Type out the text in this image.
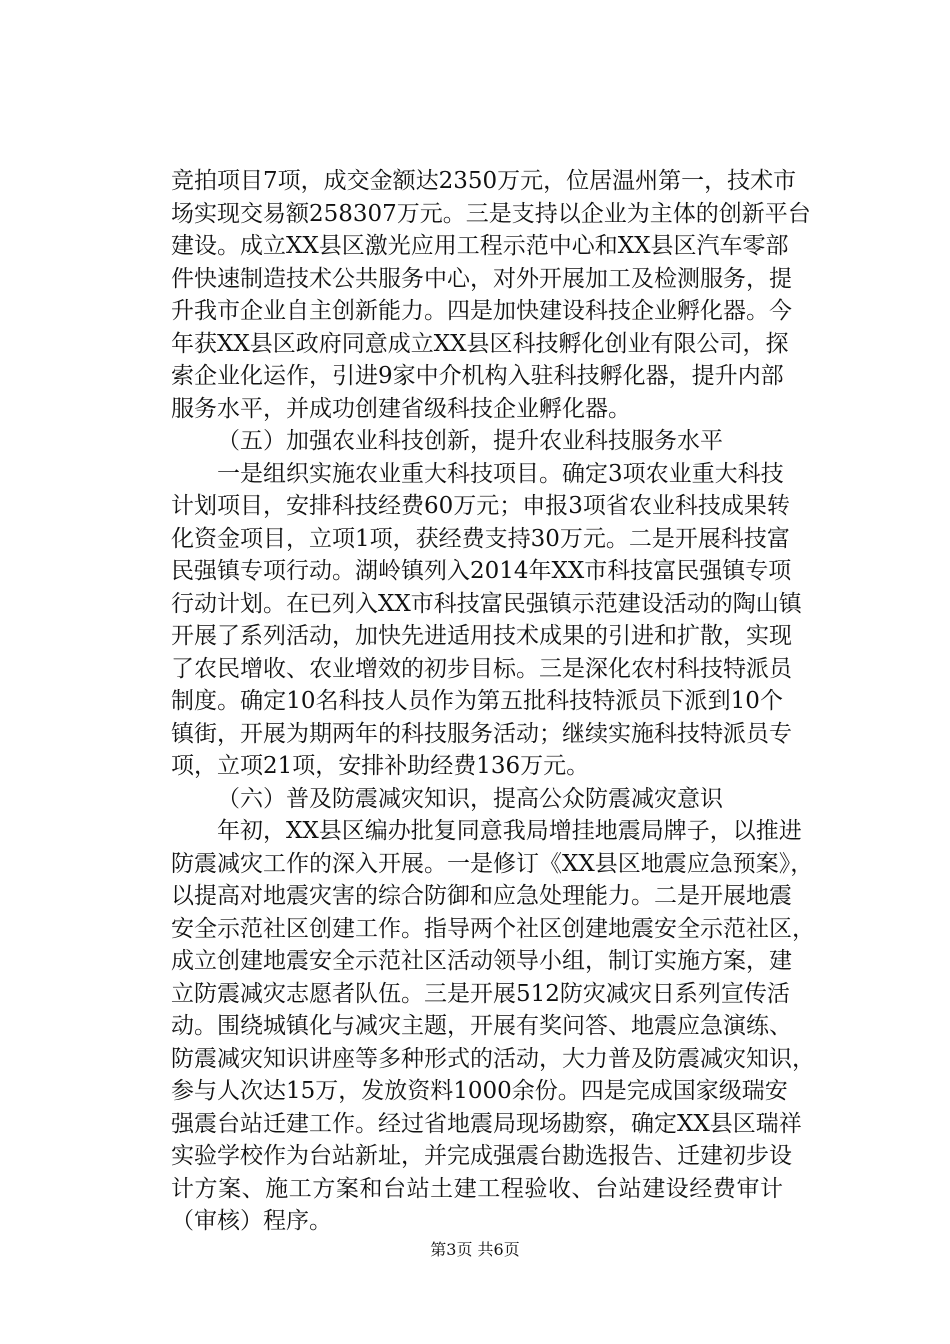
竞拍项目7项，成交金额达2350万元，位居温州第一，技术市
场实现交易额258307万元。三是支持以企业为主体的创新平台
建设。成立XX县区激光应用工程示范中心和XX县区汽车零部
件快速制造技术公共服务中心，对外开展加工及检测服务，提
升我市企业自主创新能力。四是加快建设科技企业孵化器。今
年获XX县区政府同意成立XX县区科技孵化创业有限公司，探
索企业化运作，引进9家中介机构入驻科技孵化器，提升内部
服务水平，并成功创建省级科技企业孵化器。
（五）加强农业科技创新，提升农业科技服务水平
一是组织实施农业重大科技项目。确定3项农业重大科技
计划项目，安排科技经费60万元；申报3项省农业科技成果转
化资金项目，立项1项，获经费支持30万元。二是开展科技富
民强镇专项行动。湖岭镇列入2014年XX市科技富民强镇专项
行动计划。在已列入XX市科技富民强镇示范建设活动的陶山镇
开展了系列活动，加快先进适用技术成果的引进和扩散，实现
了农民增收、农业增效的初步目标。三是深化农村科技特派员
制度。确定10名科技人员作为第五批科技特派员下派到10个
镇街，开展为期两年的科技服务活动；继续实施科技特派员专
项，立项21项，安排补助经费136万元。
（六）普及防震减灾知识，提高公众防震减灾意识
年初，XX县区编办批复同意我局增挂地震局牌子，以推进
防震减灾工作的深入开展。一是修订《XX县区地震应急预案》，
以提高对地震灾害的综合防御和应急处理能力。二是开展地震
安全示范社区创建工作。指导两个社区创建地震安全示范社区，
成立创建地震安全示范社区活动领导小组，制订实施方案，建
立防震减灾志愿者队伍。三是开展512防灾减灾日系列宣传活
动。围绕城镇化与减灾主题，开展有奖问答、地震应急演练、
防震减灾知识讲座等多种形式的活动，大力普及防震减灾知识，
参与人次达15万，发放资料1000余份。四是完成国家级瑞安
强震台站迁建工作。经过省地震局现场勘察，确定XX县区瑞祥
实验学校作为台站新址，并完成强震台勘选报告、迁建初步设
计方案、施工方案和台站土建工程验收、台站建设经费审计
（审核）程序。
第3页 共6页
